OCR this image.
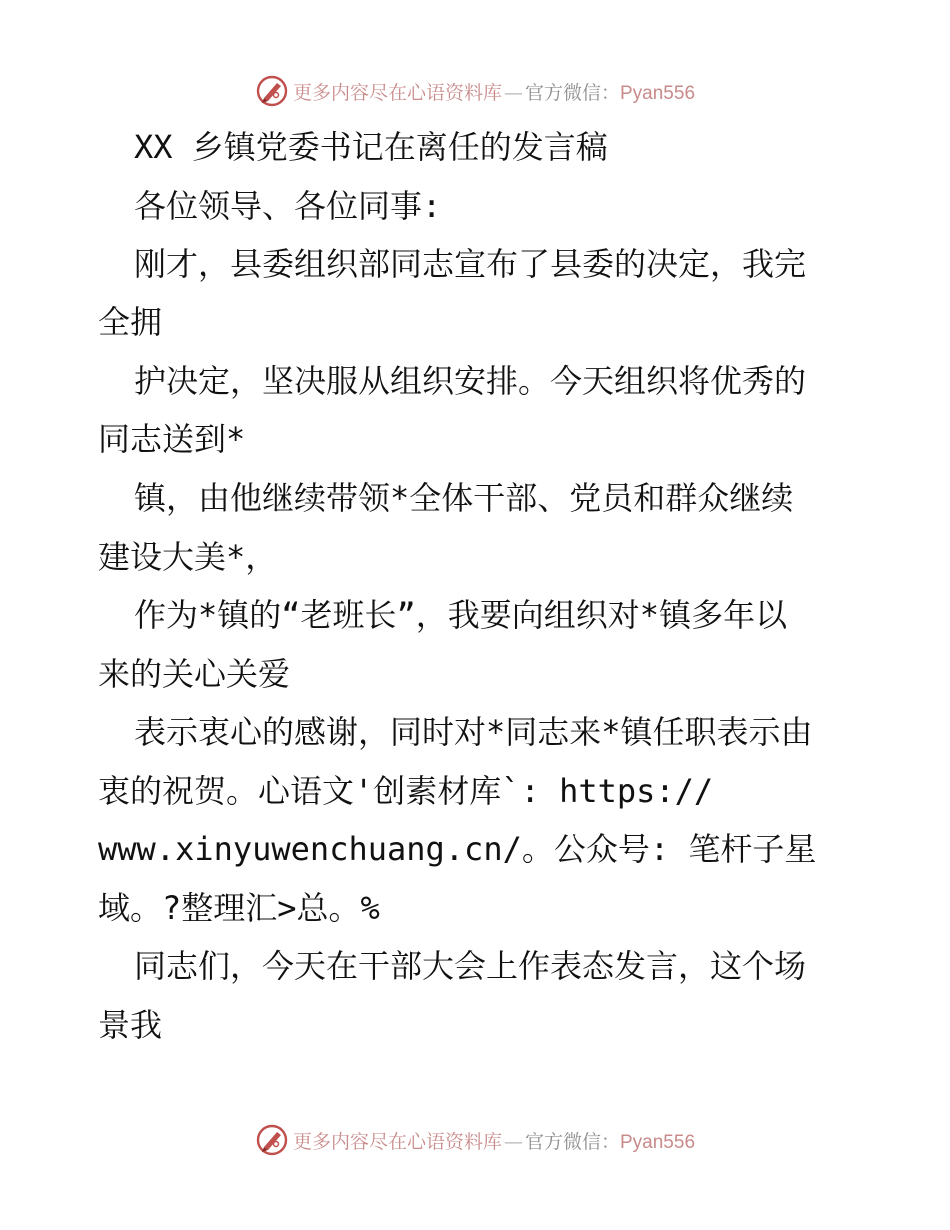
更多内容尽在心语资料库 — 官方微信：Pyan556
XX 乡镇党委书记在离任的发言稿
各位领导、各位同事:
刚才，县委组织部同志宣布了县委的决定，我完
全拥
护决定，坚决服从组织安排。今天组织将优秀的
同志送到*
镇，由他继续带领*全体干部、党员和群众继续
建设大美*，
作为*镇的“老班长”，我要向组织对*镇多年以
来的关心关爱
表示衷心的感谢，同时对*同志来*镇任职表示由
衷的祝贺。心语文'创素材库`: https://
www.xinyuwenchuang.cn/。公众号: 笔杆子星
域。?整理汇>总。%
同志们，今天在干部大会上作表态发言，这个场
景我
更多内容尽在心语资料库 — 官方微信：Pyan556
